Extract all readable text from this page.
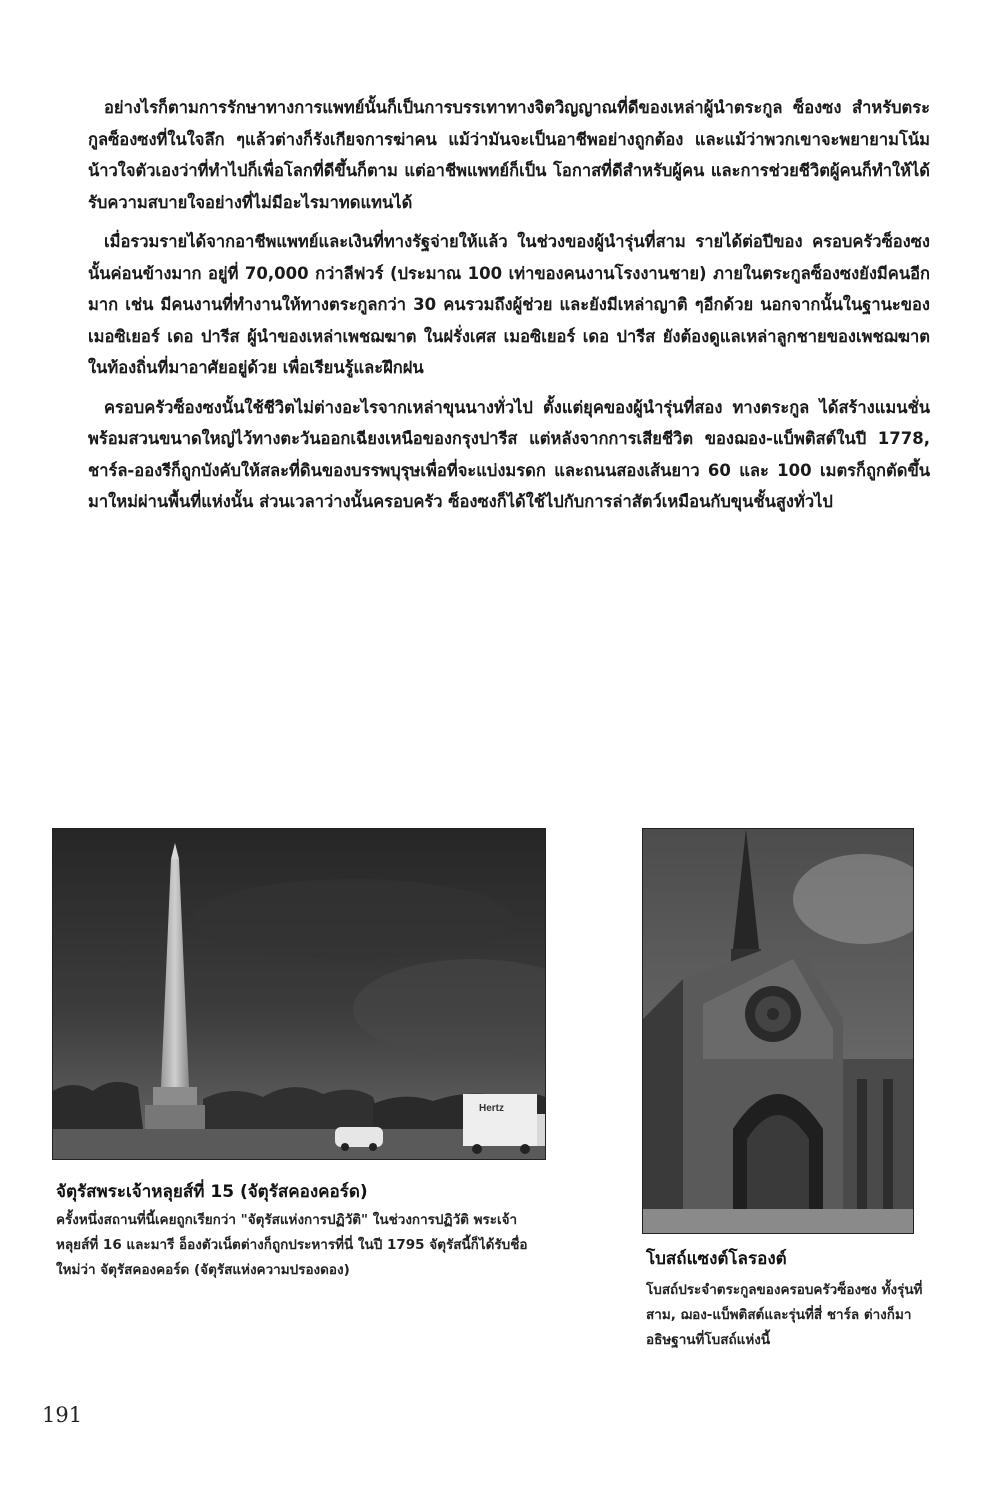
อย่างไรก็ตามการรักษาทางการแพทย์นั้นก็เป็นการบรรเทาทางจิตวิญญาณที่ดีของเหล่าผู้นำตระกูล ซ็องซง สำหรับตระกูลซ็องซงที่ในใจลึก ๆแล้วต่างก็รังเกียจการฆ่าคน แม้ว่ามันจะเป็นอาชีพอย่างถูกต้อง และแม้ว่าพวกเขาจะพยายามโน้มน้าวใจตัวเองว่าที่ทำไปก็เพื่อโลกที่ดีขึ้นก็ตาม แต่อาชีพแพทย์ก็เป็น โอกาสที่ดีสำหรับผู้คน และการช่วยชีวิตผู้คนก็ทำให้ได้รับความสบายใจอย่างที่ไม่มีอะไรมาทดแทนได้

เมื่อรวมรายได้จากอาชีพแพทย์และเงินที่ทางรัฐจ่ายให้แล้ว ในช่วงของผู้นำรุ่นที่สาม รายได้ต่อปีของ ครอบครัวซ็องซงนั้นค่อนข้างมาก อยู่ที่ 70,000 กว่าลีฟวร์ (ประมาณ 100 เท่าของคนงานโรงงานชาย) ภายในตระกูลซ็องซงยังมีคนอีกมาก เช่น มีคนงานที่ทำงานให้ทางตระกูลกว่า 30 คนรวมถึงผู้ช่วย และยังมีเหล่าญาติ ๆอีกด้วย นอกจากนั้นในฐานะของเมอซิเยอร์ เดอ ปารีส ผู้นำของเหล่าเพชฌฆาต ในฝรั่งเศส เมอซิเยอร์ เดอ ปารีส ยังต้องดูแลเหล่าลูกชายของเพชฌฆาตในท้องถิ่นที่มาอาศัยอยู่ด้วย เพื่อเรียนรู้และฝึกฝน

ครอบครัวซ็องซงนั้นใช้ชีวิตไม่ต่างอะไรจากเหล่าขุนนางทั่วไป ตั้งแต่ยุคของผู้นำรุ่นที่สอง ทางตระกูล ได้สร้างแมนชั่นพร้อมสวนขนาดใหญ่ไว้ทางตะวันออกเฉียงเหนือของกรุงปารีส แต่หลังจากการเสียชีวิต ของฌอง-แบ็พติสต์ในปี 1778, ชาร์ล-อองรีก็ถูกบังคับให้สละที่ดินของบรรพบุรุษเพื่อที่จะแบ่งมรดก และถนนสองเส้นยาว 60 และ 100 เมตรก็ถูกตัดขึ้นมาใหม่ผ่านพื้นที่แห่งนั้น ส่วนเวลาว่างนั้นครอบครัว ซ็องซงก็ได้ใช้ไปกับการล่าสัตว์เหมือนกับขุนชั้นสูงทั่วไป

Hertz

จัตุรัสพระเจ้าหลุยส์ที่ 15 (จัตุรัสคองคอร์ด)

ครั้งหนึ่งสถานที่นี้เคยถูกเรียกว่า "จัตุรัสแห่งการปฏิวัติ" ในช่วงการปฏิวัติ พระเจ้าหลุยส์ที่ 16 และมารี อ็องตัวเน็ตต่างก็ถูกประหารที่นี่ ในปี 1795 จัตุรัสนี้ก็ได้รับชื่อใหม่ว่า จัตุรัสคองคอร์ด (จัตุรัสแห่งความปรองดอง)

โบสถ์แซงต์โลรองต์

โบสถ์ประจำตระกูลของครอบครัวซ็องซง ทั้งรุ่นที่สาม, ฌอง-แบ็พติสต์และรุ่นที่สี่ ชาร์ล ต่างก็มาอธิษฐานที่โบสถ์แห่งนี้

191
